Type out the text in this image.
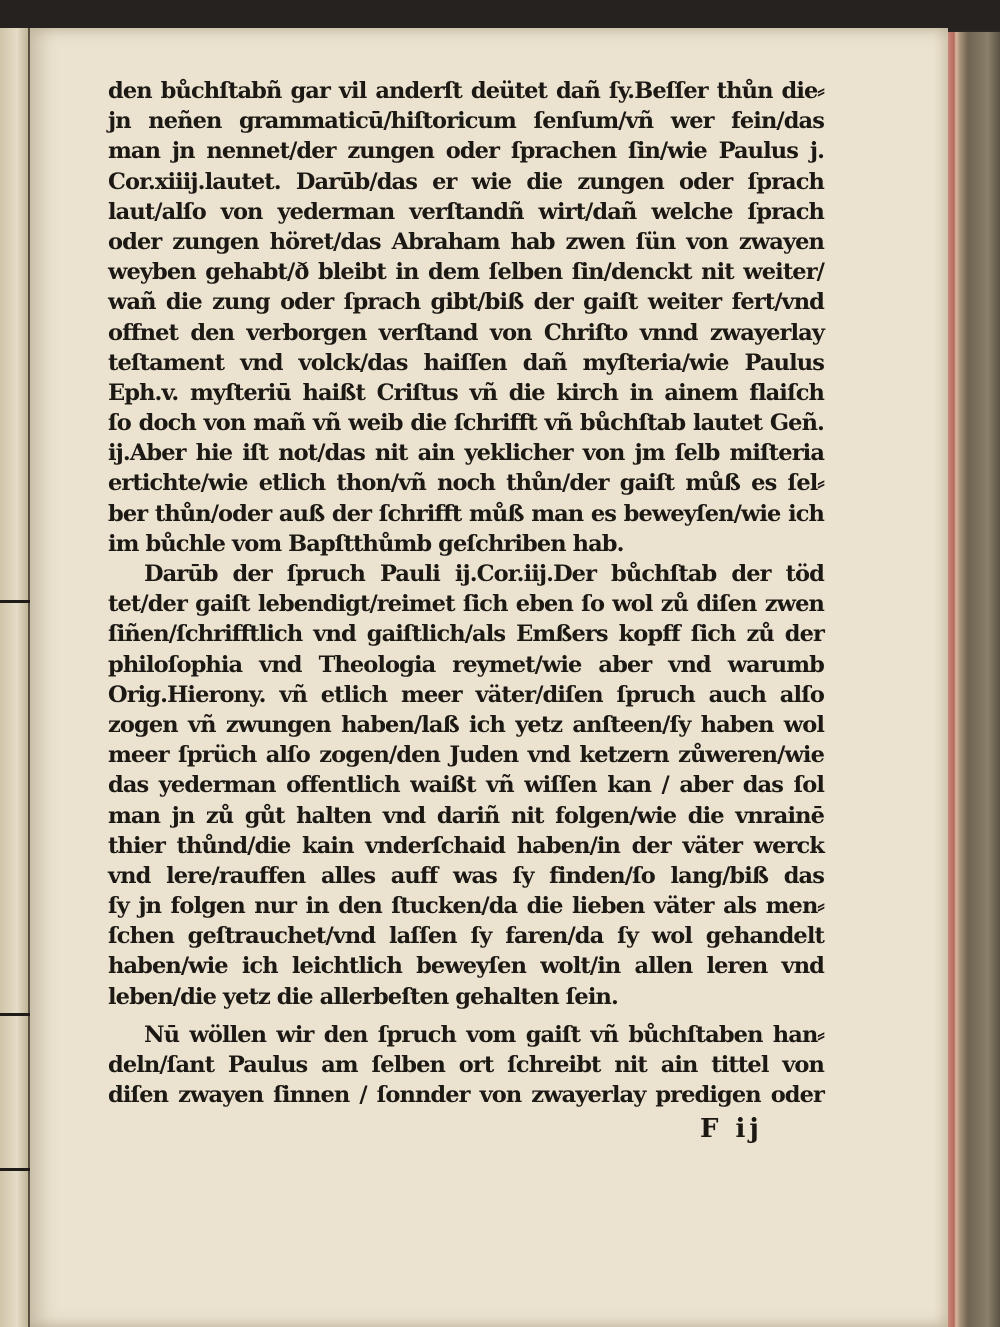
den bůchſtabñ gar vil anderſt deütet dañ ſy.Beſſer thůn die⸗
jn neñen grammaticū/hiſtoricum ſenſum/vñ wer fein/das
man jn nennet/der zungen oder ſprachen ſin/wie Paulus j.
Cor.xiiij.lautet. Darūb/das er wie die zungen oder ſprach
laut/alſo von yederman verſtandñ wirt/dañ welche ſprach
oder zungen höret/das Abraham hab zwen ſün von zwayen
weyben gehabt/ð bleibt in dem ſelben ſin/denckt nit weiter/
wañ die zung oder ſprach gibt/biß der gaiſt weiter fert/vnd
offnet den verborgen verſtand von Chriſto vnnd zwayerlay
teſtament vnd volck/das haiſſen dañ myſteria/wie Paulus
Eph.v. myſteriū haißt Criſtus vñ die kirch in ainem flaiſch
ſo doch von mañ vñ weib die ſchrifft vñ bůchſtab lautet Geñ.
ij.Aber hie iſt not/das nit ain yeklicher von jm ſelb miſteria
ertichte/wie etlich thon/vñ noch thůn/der gaiſt můß es ſel⸗
ber thůn/oder auß der ſchrifft můß man es beweyſen/wie ich
im bůchle vom Bapſtthůmb geſchriben hab.
Darūb der ſpruch Pauli ij.Cor.iij.Der bůchſtab der töd
tet/der gaiſt lebendigt/reimet ſich eben ſo wol zů diſen zwen
ſiñen/ſchrifftlich vnd gaiſtlich/als Emßers kopff ſich zů der
philoſophia vnd Theologia reymet/wie aber vnd warumb
Orig.Hierony. vñ etlich meer väter/diſen ſpruch auch alſo
zogen vñ zwungen haben/laß ich yetz anſteen/ſy haben wol
meer ſprüch alſo zogen/den Juden vnd ketzern zůweren/wie
das yederman offentlich waißt vñ wiſſen kan / aber das ſol
man jn zů gůt halten vnd dariñ nit folgen/wie die vnrainē
thier thůnd/die kain vnderſchaid haben/in der väter werck
vnd lere/rauffen alles auff was ſy finden/ſo lang/biß das
ſy jn folgen nur in den ſtucken/da die lieben väter als men⸗
ſchen geſtrauchet/vnd laſſen ſy faren/da ſy wol gehandelt
haben/wie ich leichtlich beweyſen wolt/in allen leren vnd
leben/die yetz die allerbeſten gehalten ſein.
Nū wöllen wir den ſpruch vom gaiſt vñ bůchſtaben han⸗
deln/ſant Paulus am ſelben ort ſchreibt nit ain tittel von
diſen zwayen ſinnen / ſonnder von zwayerlay predigen oder
F ij
